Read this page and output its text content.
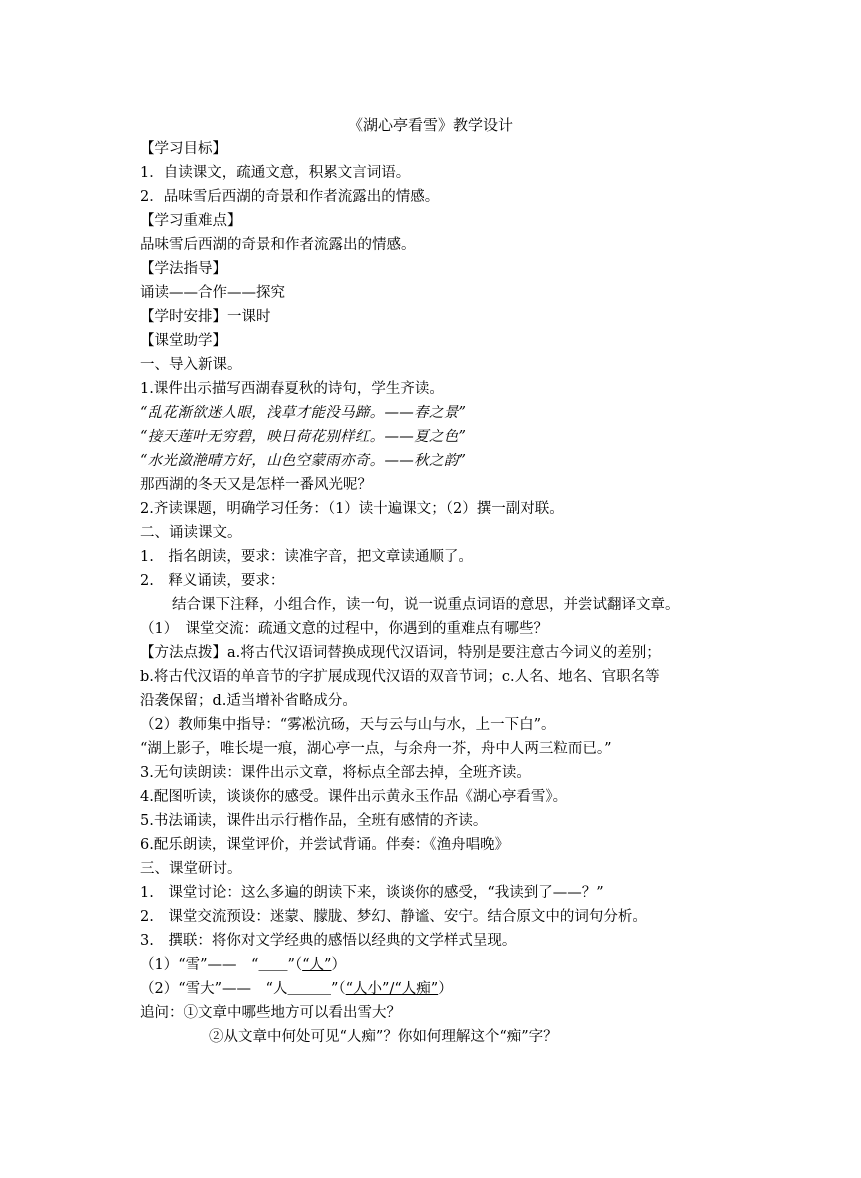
《湖心亭看雪》教学设计
【学习目标】
1．自读课文，疏通文意，积累文言词语。
2．品味雪后西湖的奇景和作者流露出的情感。
【学习重难点】
品味雪后西湖的奇景和作者流露出的情感。
【学法指导】
诵读——合作——探究
【学时安排】一课时
【课堂助学】
一、导入新课。
1.课件出示描写西湖春夏秋的诗句，学生齐读。
“乱花渐欲迷人眼，浅草才能没马蹄。——春之景”
“接天莲叶无穷碧，映日荷花别样红。——夏之色”
“水光潋滟晴方好，山色空蒙雨亦奇。——秋之韵”
那西湖的冬天又是怎样一番风光呢？
2.齐读课题，明确学习任务：（1）读十遍课文；（2）撰一副对联。
二、诵读课文。
1.　指名朗读，要求：读准字音，把文章读通顺了。
2.　释义诵读，要求：
结合课下注释，小组合作，读一句，说一说重点词语的意思，并尝试翻译文章。
（1）　课堂交流：疏通文意的过程中，你遇到的重难点有哪些？
【方法点拨】a.将古代汉语词替换成现代汉语词，特别是要注意古今词义的差别；
b.将古代汉语的单音节的字扩展成现代汉语的双音节词；c.人名、地名、官职名等
沿袭保留；d.适当增补省略成分。
（2）教师集中指导：“雾凇沆砀，天与云与山与水，上一下白”。
“湖上影子，唯长堤一痕，湖心亭一点，与余舟一芥，舟中人两三粒而已。”
3.无句读朗读：课件出示文章，将标点全部去掉，全班齐读。
4.配图听读，谈谈你的感受。课件出示黄永玉作品《湖心亭看雪》。
5.书法诵读，课件出示行楷作品，全班有感情的齐读。
6.配乐朗读，课堂评价，并尝试背诵。伴奏：《渔舟唱晚》
三、课堂研讨。
1.　课堂讨论：这么多遍的朗读下来，谈谈你的感受，“我读到了——？”
2.　课堂交流预设：迷蒙、朦胧、梦幻、静谧、安宁。结合原文中的词句分析。
3.　撰联：将你对文学经典的感悟以经典的文学样式呈现。
（1）“雪”——　“＿＿”（“人”）
（2）“雪大”——　“人＿＿＿”（“人小”/“人痴”）
追问：①文章中哪些地方可以看出雪大？
②从文章中何处可见“人痴”？你如何理解这个“痴”字？
